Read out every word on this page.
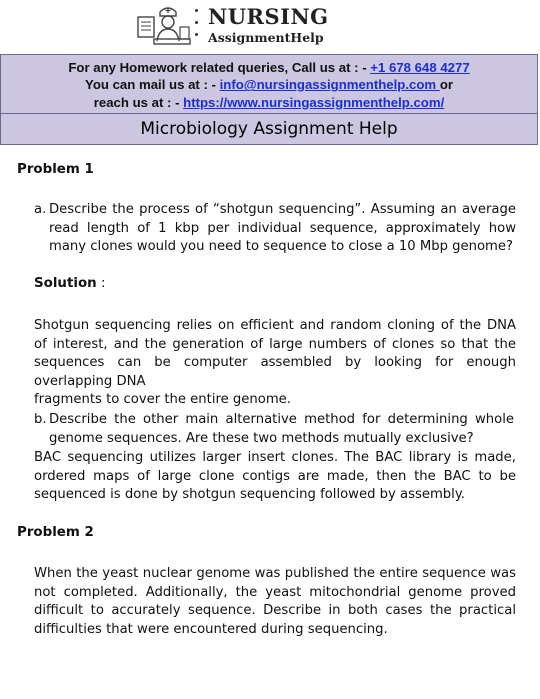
NURSING
AssignmentHelp
For any Homework related queries, Call us at : - +1 678 648 4277
You can mail us at : - info@nursingassignmenthelp.com or
reach us at : - https://www.nursingassignmenthelp.com/
Microbiology Assignment Help
Problem 1
a. Describe the process of “shotgun sequencing”. Assuming an average read length of 1 kbp per individual sequence, approximately how many clones would you need to sequence to close a 10 Mbp genome?

Solution :

Shotgun sequencing relies on efficient and random cloning of the DNA of interest, and the generation of large numbers of clones so that the sequences can be computer assembled by looking for enough overlapping DNA

fragments to cover the entire genome.

b. Describe the other main alternative method for determining whole genome sequences. Are these two methods mutually exclusive?

BAC sequencing utilizes larger insert clones. The BAC library is made, ordered maps of large clone contigs are made, then the BAC to be sequenced is done by shotgun sequencing followed by assembly.

Problem 2

When the yeast nuclear genome was published the entire sequence was not completed. Additionally, the yeast mitochondrial genome proved difficult to accurately sequence. Describe in both cases the practical difficulties that were encountered during sequencing.
